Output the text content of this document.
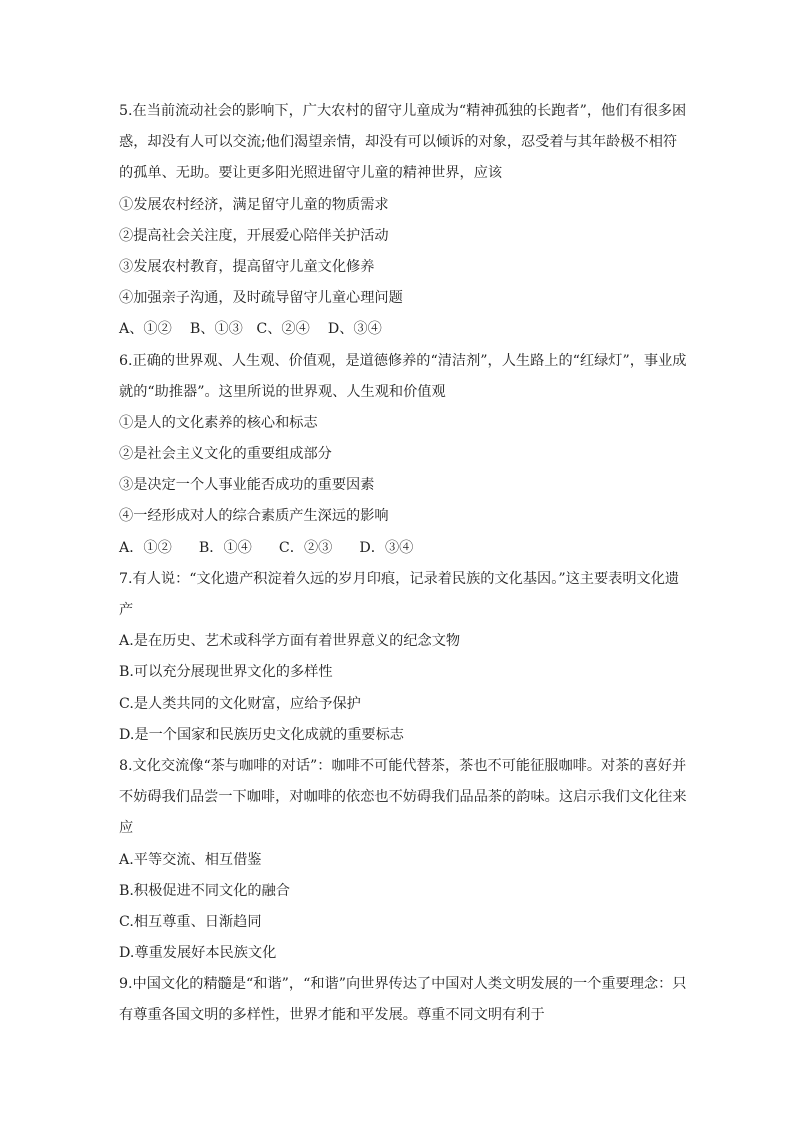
5.在当前流动社会的影响下，广大农村的留守儿童成为“精神孤独的长跑者”，他们有很多困
惑，却没有人可以交流;他们渴望亲情，却没有可以倾诉的对象，忍受着与其年龄极不相符
的孤单、无助。要让更多阳光照进留守儿童的精神世界，应该
①发展农村经济，满足留守儿童的物质需求
②提高社会关注度，开展爱心陪伴关护活动
③发展农村教育，提高留守儿童文化修养
④加强亲子沟通，及时疏导留守儿童心理问题
A、①②    B、①③   C、②④    D、③④
6.正确的世界观、人生观、价值观，是道德修养的“清洁剂”，人生路上的“红绿灯”，事业成
就的“助推器”。这里所说的世界观、人生观和价值观
①是人的文化素养的核心和标志
②是社会主义文化的重要组成部分
③是决定一个人事业能否成功的重要因素
④一经形成对人的综合素质产生深远的影响
A．①②      B．①④      C．②③      D．③④
7.有人说：“文化遗产积淀着久远的岁月印痕，记录着民族的文化基因。”这主要表明文化遗
产
A.是在历史、艺术或科学方面有着世界意义的纪念文物
B.可以充分展现世界文化的多样性
C.是人类共同的文化财富，应给予保护
D.是一个国家和民族历史文化成就的重要标志
8.文化交流像“茶与咖啡的对话”：咖啡不可能代替茶，茶也不可能征服咖啡。对茶的喜好并
不妨碍我们品尝一下咖啡，对咖啡的依恋也不妨碍我们品品茶的韵味。这启示我们文化往来
应
A.平等交流、相互借鉴
B.积极促进不同文化的融合
C.相互尊重、日渐趋同
D.尊重发展好本民族文化
9.中国文化的精髓是“和谐”，“和谐”向世界传达了中国对人类文明发展的一个重要理念：只
有尊重各国文明的多样性，世界才能和平发展。尊重不同文明有利于
